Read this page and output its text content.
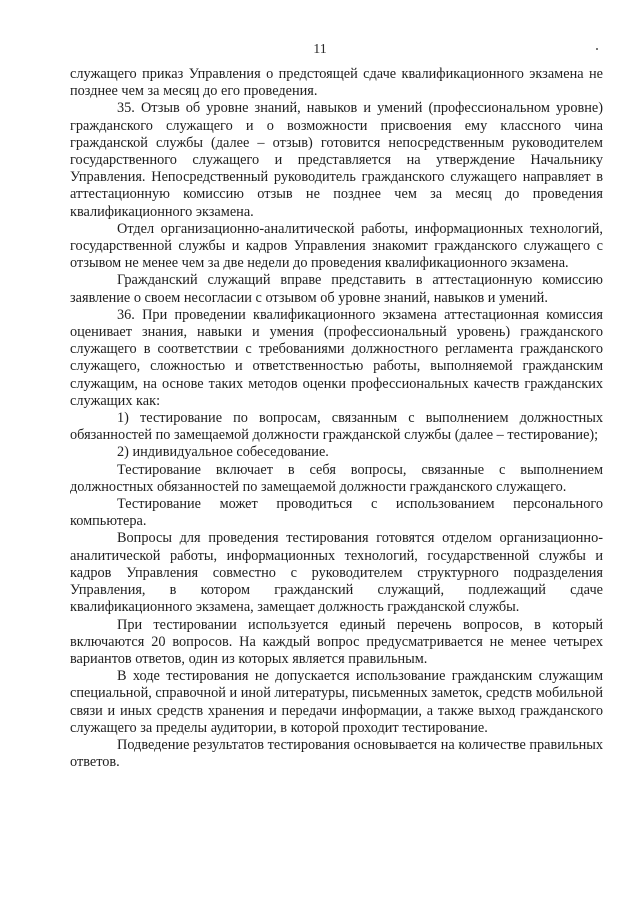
11

служащего приказ Управления о предстоящей сдаче квалификационного экзамена не позднее чем за месяц до его проведения.

35. Отзыв об уровне знаний, навыков и умений (профессиональном уровне) гражданского служащего и о возможности присвоения ему классного чина гражданской службы (далее – отзыв) готовится непосредственным руководителем государственного служащего и представляется на утверждение Начальнику Управления. Непосредственный руководитель гражданского служащего направляет в аттестационную комиссию отзыв не позднее чем за месяц до проведения квалификационного экзамена.

Отдел организационно-аналитической работы, информационных технологий, государственной службы и кадров Управления знакомит гражданского служащего с отзывом не менее чем за две недели до проведения квалификационного экзамена.

Гражданский служащий вправе представить в аттестационную комиссию заявление о своем несогласии с отзывом об уровне знаний, навыков и умений.

36. При проведении квалификационного экзамена аттестационная комиссия оценивает знания, навыки и умения (профессиональный уровень) гражданского служащего в соответствии с требованиями должностного регламента гражданского служащего, сложностью и ответственностью работы, выполняемой гражданским служащим, на основе таких методов оценки профессиональных качеств гражданских служащих как:

1) тестирование по вопросам, связанным с выполнением должностных обязанностей по замещаемой должности гражданской службы (далее – тестирование);

2) индивидуальное собеседование.

Тестирование включает в себя вопросы, связанные с выполнением должностных обязанностей по замещаемой должности гражданского служащего.

Тестирование может проводиться с использованием персонального компьютера.

Вопросы для проведения тестирования готовятся отделом организационно-аналитической работы, информационных технологий, государственной службы и кадров Управления совместно с руководителем структурного подразделения Управления, в котором гражданский служащий, подлежащий сдаче квалификационного экзамена, замещает должность гражданской службы.

При тестировании используется единый перечень вопросов, в который включаются 20 вопросов. На каждый вопрос предусматривается не менее четырех вариантов ответов, один из которых является правильным.

В ходе тестирования не допускается использование гражданским служащим специальной, справочной и иной литературы, письменных заметок, средств мобильной связи и иных средств хранения и передачи информации, а также выход гражданского служащего за пределы аудитории, в которой проходит тестирование.

Подведение результатов тестирования основывается на количестве правильных ответов.
